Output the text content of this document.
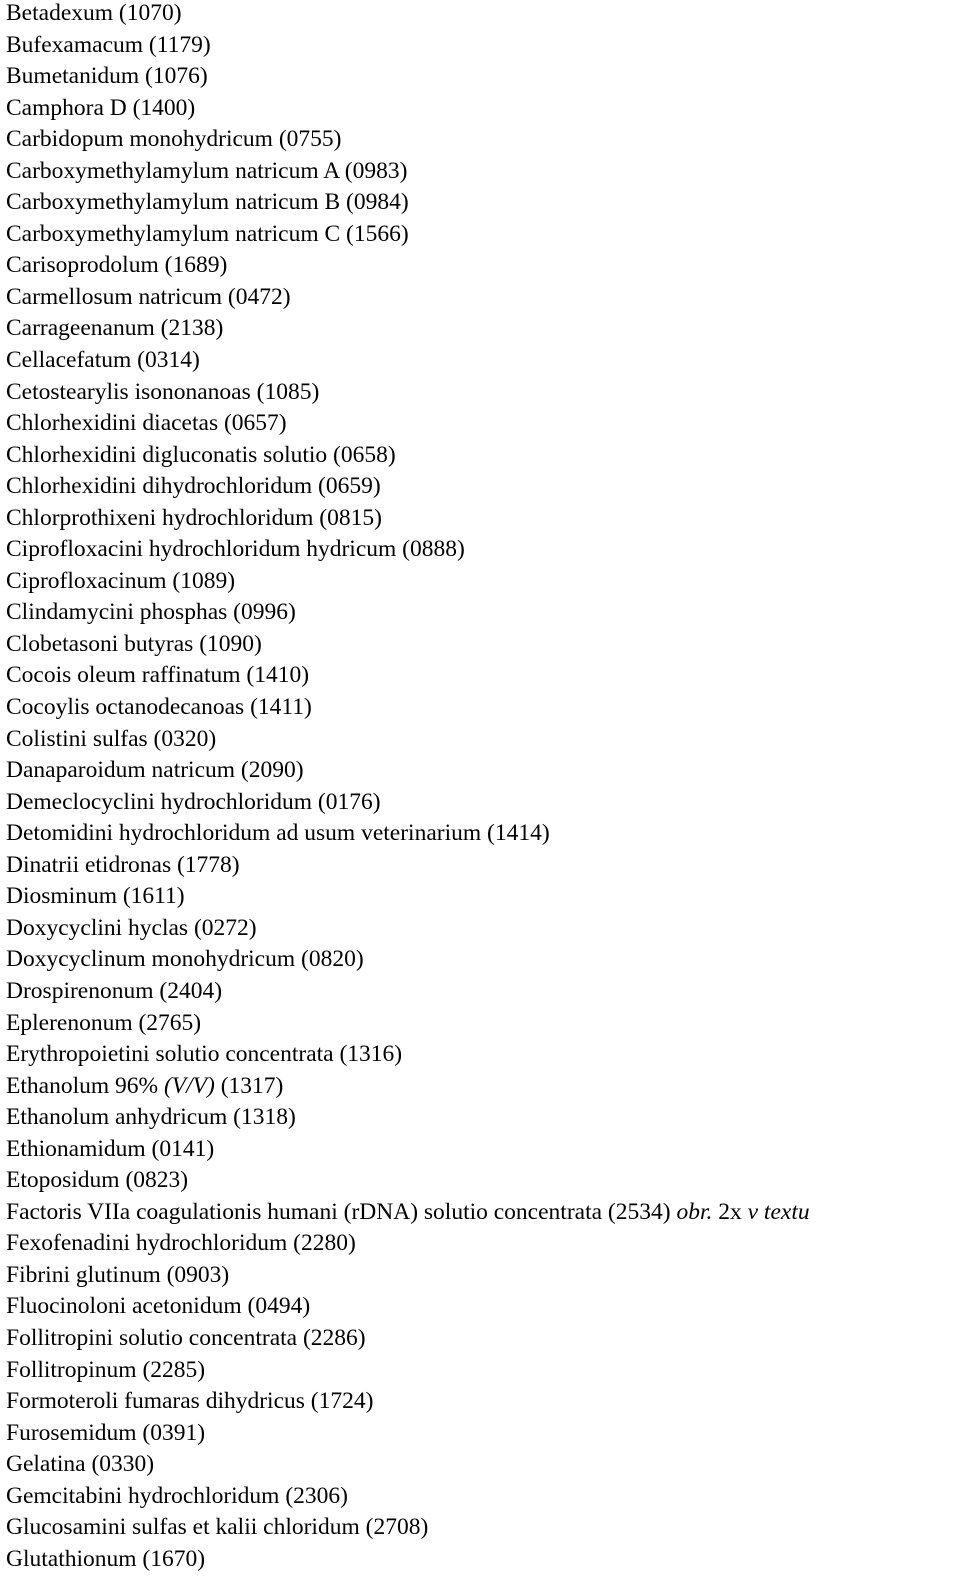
Betadexum (1070)
Bufexamacum (1179)
Bumetanidum (1076)
Camphora D (1400)
Carbidopum monohydricum (0755)
Carboxymethylamylum natricum A (0983)
Carboxymethylamylum natricum B (0984)
Carboxymethylamylum natricum C (1566)
Carisoprodolum (1689)
Carmellosum natricum (0472)
Carrageenanum (2138)
Cellacefatum (0314)
Cetostearylis isononanoas (1085)
Chlorhexidini diacetas (0657)
Chlorhexidini digluconatis solutio (0658)
Chlorhexidini dihydrochloridum (0659)
Chlorprothixeni hydrochloridum (0815)
Ciprofloxacini hydrochloridum hydricum (0888)
Ciprofloxacinum (1089)
Clindamycini phosphas (0996)
Clobetasoni butyras (1090)
Cocois oleum raffinatum (1410)
Cocoylis octanodecanoas (1411)
Colistini sulfas (0320)
Danaparoidum natricum (2090)
Demeclocyclini hydrochloridum (0176)
Detomidini hydrochloridum ad usum veterinarium (1414)
Dinatrii etidronas (1778)
Diosminum (1611)
Doxycyclini hyclas (0272)
Doxycyclinum monohydricum (0820)
Drospirenonum (2404)
Eplerenonum (2765)
Erythropoietini solutio concentrata (1316)
Ethanolum 96% (V/V) (1317)
Ethanolum anhydricum (1318)
Ethionamidum (0141)
Etoposidum (0823)
Factoris VIIa coagulationis humani (rDNA) solutio concentrata (2534) obr. 2x v textu
Fexofenadini hydrochloridum (2280)
Fibrini glutinum (0903)
Fluocinoloni acetonidum (0494)
Follitropini solutio concentrata (2286)
Follitropinum (2285)
Formoteroli fumaras dihydricus (1724)
Furosemidum (0391)
Gelatina (0330)
Gemcitabini hydrochloridum (2306)
Glucosamini sulfas et kalii chloridum (2708)
Glutathionum (1670)
